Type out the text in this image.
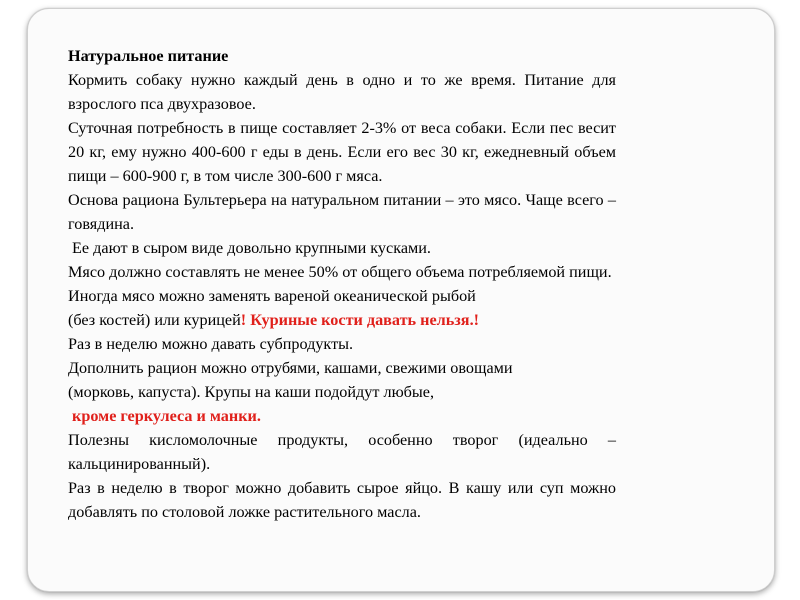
Натуральное питание

Кормить собаку нужно каждый день в одно и то же время. Питание для взрослого пса двухразовое.

Суточная потребность в пище составляет 2-3% от веса собаки. Если пес весит 20 кг, ему нужно 400-600 г еды в день. Если его вес 30 кг, ежедневный объем пищи – 600-900 г, в том числе 300-600 г мяса.

Основа рациона Бультерьера на натуральном питании – это мясо. Чаще всего – говядина.

Ее дают в сыром виде довольно крупными кусками.

Мясо должно составлять не менее 50% от общего объема потребляемой пищи.

Иногда мясо можно заменять вареной океанической рыбой
(без костей) или курицей! Куриные кости давать нельзя.!

Раз в неделю можно давать субпродукты.

Дополнить рацион можно отрубями, кашами, свежими овощами
(морковь, капуста). Крупы на каши подойдут любые,
кроме геркулеса и манки.

Полезны кисломолочные продукты, особенно творог (идеально – кальцинированный).

Раз в неделю в творог можно добавить сырое яйцо. В кашу или суп можно добавлять по столовой ложке растительного масла.
